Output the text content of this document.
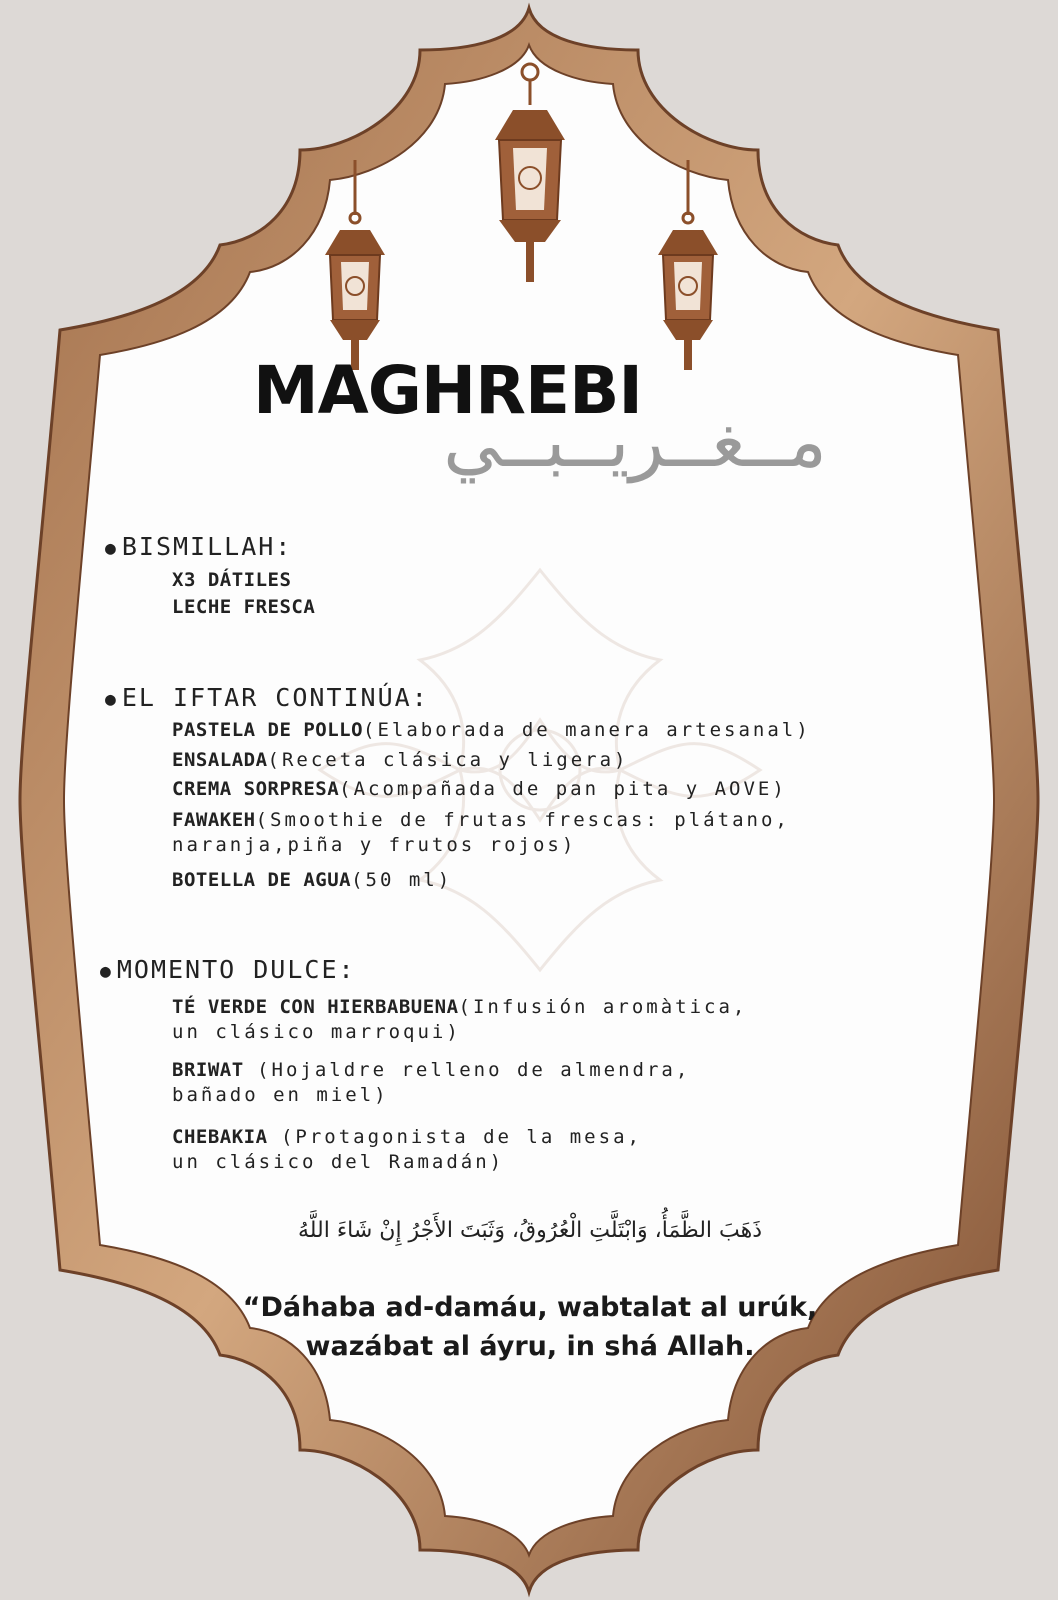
MAGHREBI
مــغــريــبــي
● BISMILLAH:
X3 DÁTILES
LECHE FRESCA
● EL IFTAR CONTINÚA:
PASTELA DE POLLO(Elaborada de manera artesanal)
ENSALADA(Receta clásica y ligera)
CREMA SORPRESA(Acompañada de pan pita y AOVE)
FAWAKEH(Smoothie de frutas frescas: plátano,
naranja,piña y frutos rojos)
BOTELLA DE AGUA(50 ml)
● MOMENTO DULCE:
TÉ VERDE CON HIERBABUENA(Infusión aromàtica,
un clásico marroqui)
BRIWAT (Hojaldre relleno de almendra,
bañado en miel)
CHEBAKIA (Protagonista de la mesa,
un clásico del Ramadán)
ذَهَبَ الظَّمَأُ، وَابْتَلَّتِ الْعُرُوقُ، وَثَبَتَ الأَجْرُ إِنْ شَاءَ اللَّهُ
“Dáhaba ad-damáu, wabtalat al urúk,
wazábat al áyru, in shá Allah.
